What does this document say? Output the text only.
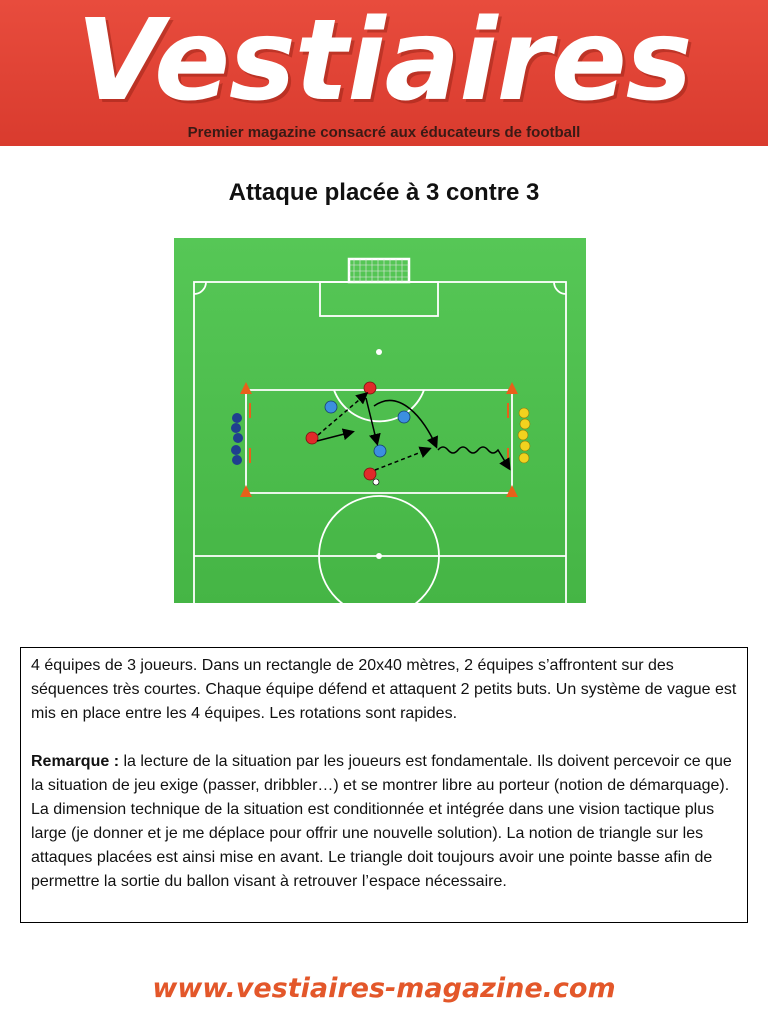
Vestiaires
Premier magazine consacré aux éducateurs de football
Attaque placée à 3 contre 3

4 équipes de 3 joueurs. Dans un rectangle de 20x40 mètres, 2 équipes s’affrontent sur des séquences très courtes. Chaque équipe défend et attaquent 2 petits buts. Un système de vague est mis en place entre les 4 équipes. Les rotations sont rapides.

Remarque : la lecture de la situation par les joueurs est fondamentale. Ils doivent percevoir ce que la situation de jeu exige (passer, dribbler…) et se montrer libre au porteur (notion de démarquage). La dimension technique de la situation est conditionnée et intégrée dans une vision tactique plus large (je donner et je me déplace pour offrir une nouvelle solution). La notion de triangle sur les attaques placées est ainsi mise en avant. Le triangle doit toujours avoir une pointe basse afin de permettre la sortie du ballon visant à retrouver l’espace nécessaire.

www.vestiaires-magazine.com
